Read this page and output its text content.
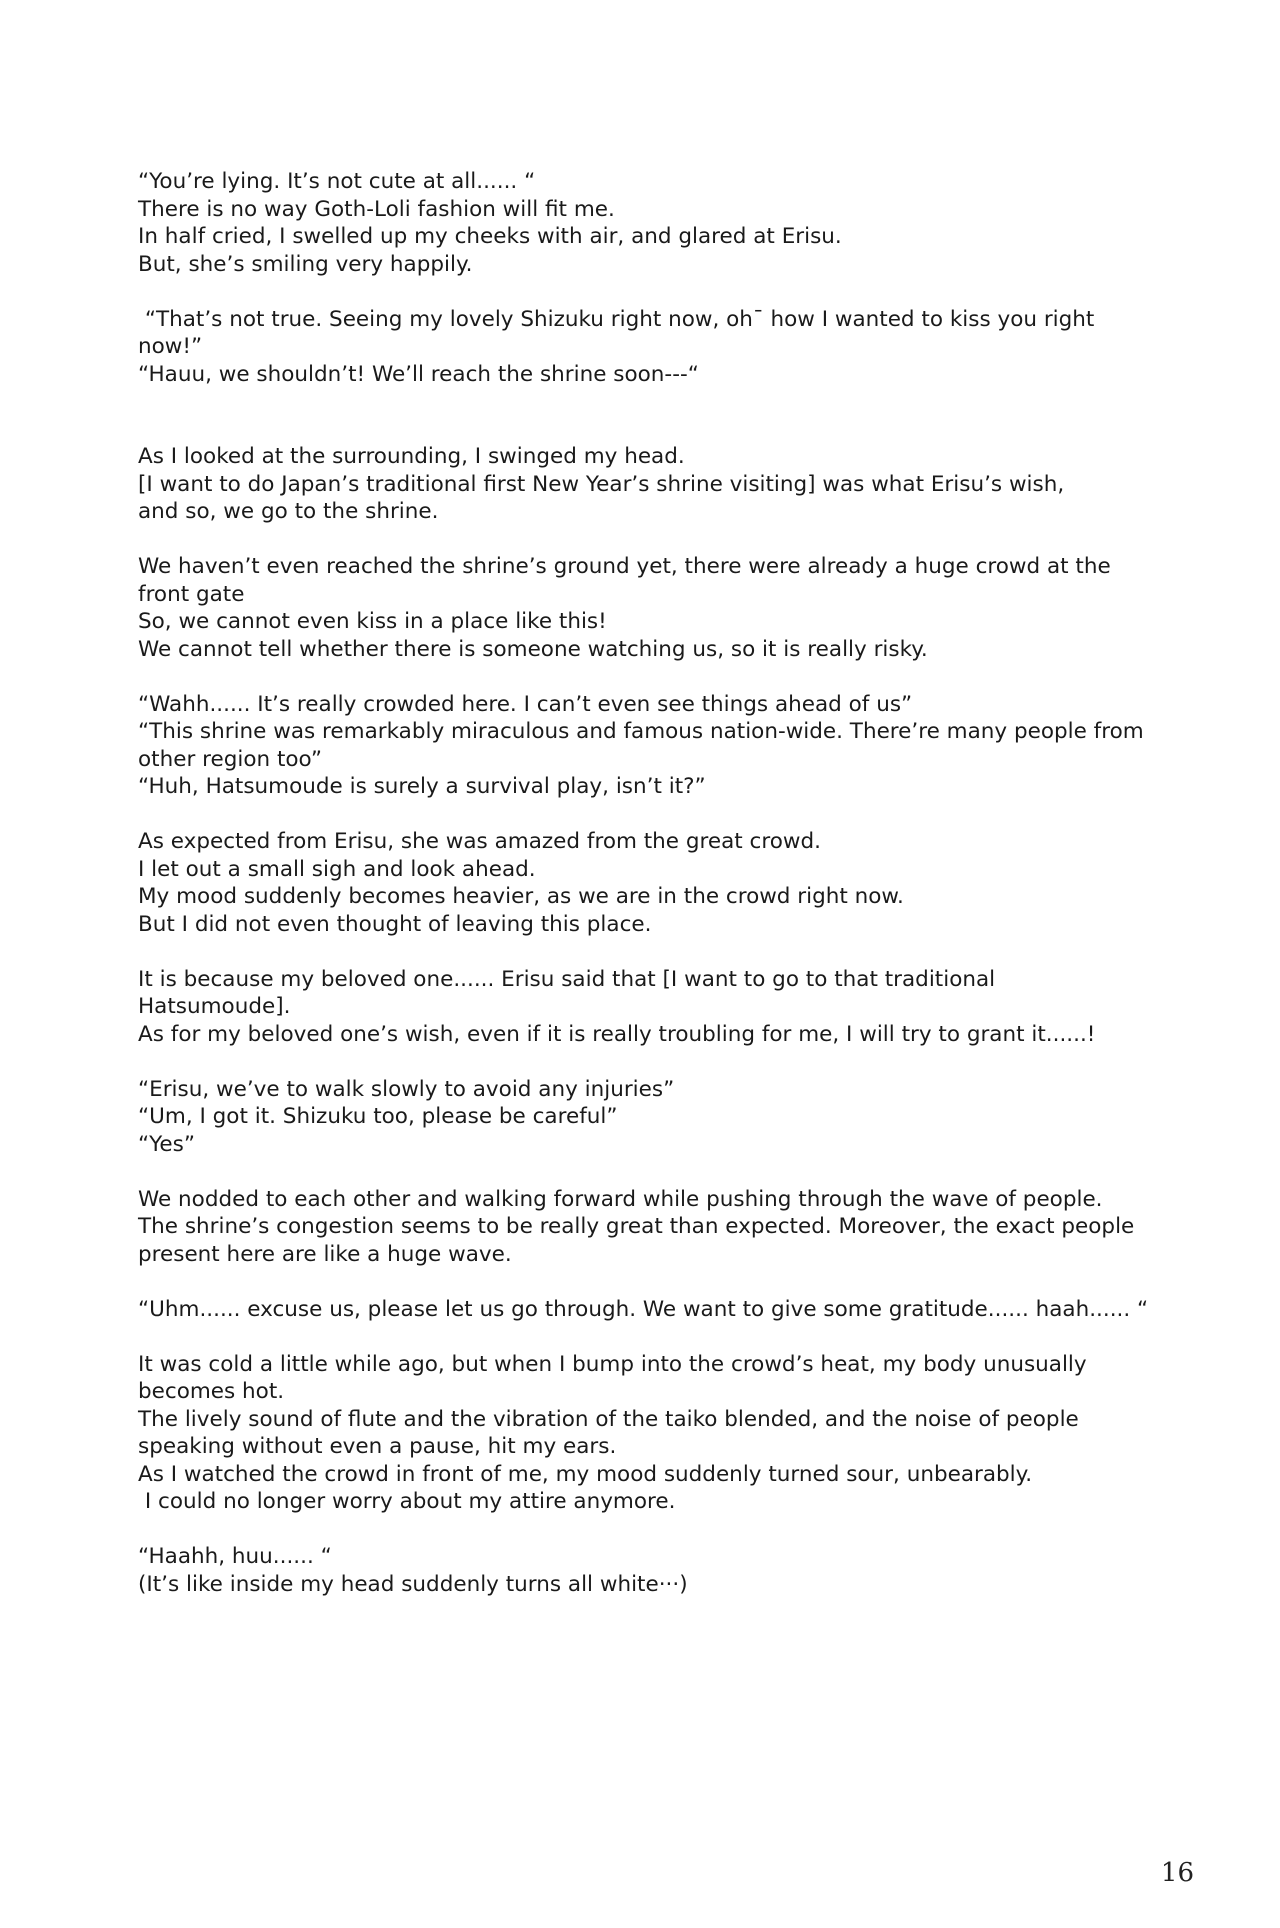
“You’re lying. It’s not cute at all...... “
There is no way Goth-Loli fashion will fit me.
In half cried, I swelled up my cheeks with air, and glared at Erisu.
But, she’s smiling very happily.

“That’s not true. Seeing my lovely Shizuku right now, oh¯ how I wanted to kiss you right
now!”
“Hauu, we shouldn’t! We’ll reach the shrine soon---“

As I looked at the surrounding, I swinged my head.
[I want to do Japan’s traditional first New Year’s shrine visiting] was what Erisu’s wish,
and so, we go to the shrine.

We haven’t even reached the shrine’s ground yet, there were already a huge crowd at the
front gate
So, we cannot even kiss in a place like this!
We cannot tell whether there is someone watching us, so it is really risky.

“Wahh...... It’s really crowded here. I can’t even see things ahead of us”
“This shrine was remarkably miraculous and famous nation-wide. There’re many people from
other region too”
“Huh, Hatsumoude is surely a survival play, isn’t it?”

As expected from Erisu, she was amazed from the great crowd.
I let out a small sigh and look ahead.
My mood suddenly becomes heavier, as we are in the crowd right now.
But I did not even thought of leaving this place.

It is because my beloved one...... Erisu said that [I want to go to that traditional
Hatsumoude].
As for my beloved one’s wish, even if it is really troubling for me, I will try to grant it......!

“Erisu, we’ve to walk slowly to avoid any injuries”
“Um, I got it. Shizuku too, please be careful”
“Yes”

We nodded to each other and walking forward while pushing through the wave of people.
The shrine’s congestion seems to be really great than expected. Moreover, the exact people
present here are like a huge wave.

“Uhm...... excuse us, please let us go through. We want to give some gratitude...... haah...... “

It was cold a little while ago, but when I bump into the crowd’s heat, my body unusually
becomes hot.
The lively sound of flute and the vibration of the taiko blended, and the noise of people
speaking without even a pause, hit my ears.
As I watched the crowd in front of me, my mood suddenly turned sour, unbearably.
I could no longer worry about my attire anymore.

“Haahh, huu...... “
(It’s like inside my head suddenly turns all white···)

16
